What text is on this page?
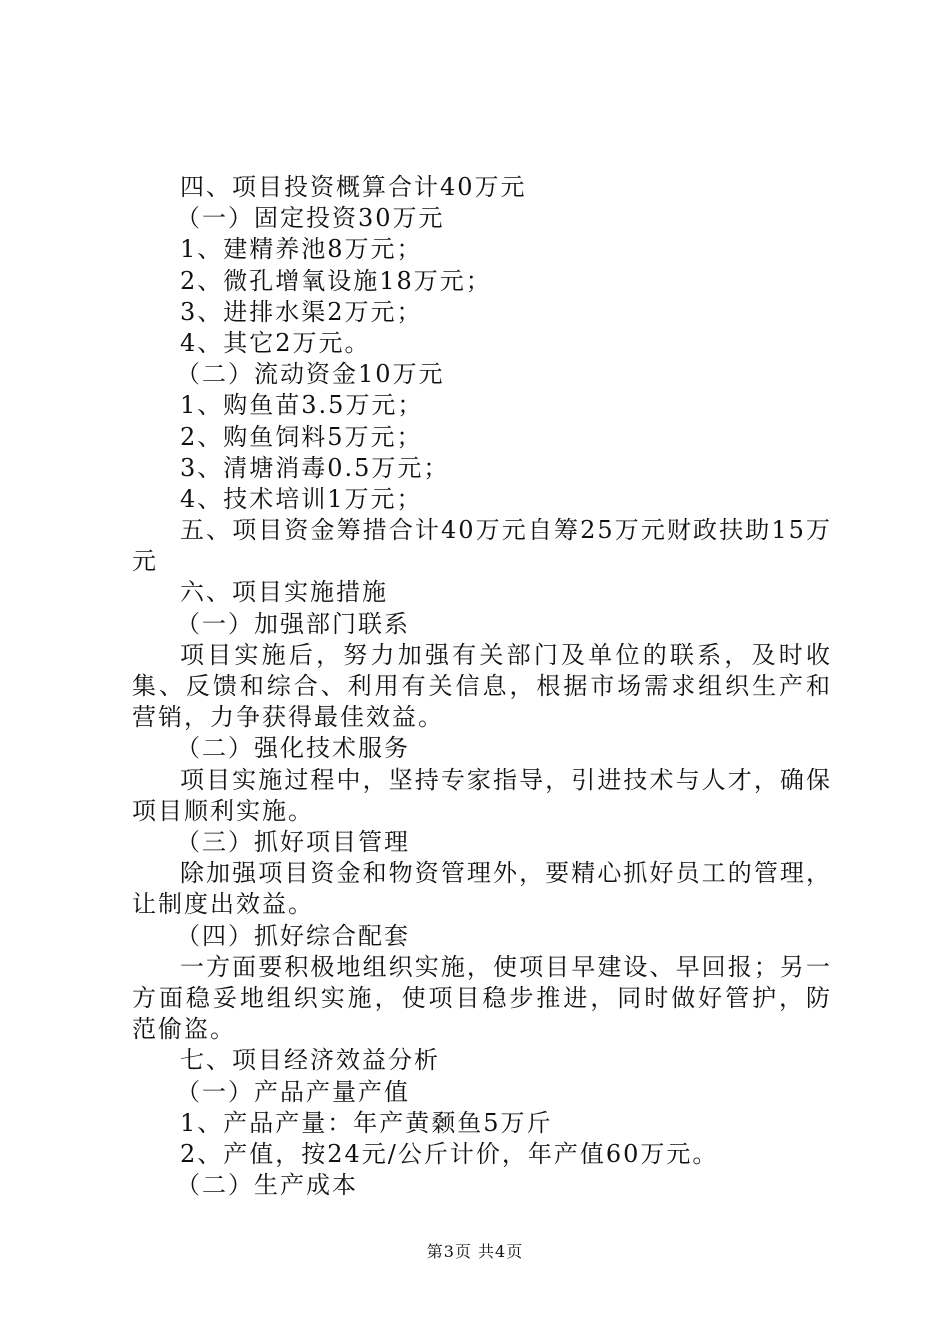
四、项目投资概算合计40万元
（一）固定投资30万元
1、建精养池8万元；
2、微孔增氧设施18万元；
3、进排水渠2万元；
4、其它2万元。
（二）流动资金10万元
1、购鱼苗3.5万元；
2、购鱼饲料5万元；
3、清塘消毒0.5万元；
4、技术培训1万元；
五、项目资金筹措合计40万元自筹25万元财政扶助15万元
六、项目实施措施
（一）加强部门联系
项目实施后，努力加强有关部门及单位的联系，及时收集、反馈和综合、利用有关信息，根据市场需求组织生产和营销，力争获得最佳效益。
（二）强化技术服务
项目实施过程中，坚持专家指导，引进技术与人才，确保项目顺利实施。
（三）抓好项目管理
除加强项目资金和物资管理外，要精心抓好员工的管理，让制度出效益。
（四）抓好综合配套
一方面要积极地组织实施，使项目早建设、早回报；另一方面稳妥地组织实施，使项目稳步推进，同时做好管护，防范偷盗。
七、项目经济效益分析
（一）产品产量产值
1、产品产量：年产黄颡鱼5万斤
2、产值，按24元/公斤计价，年产值60万元。
（二）生产成本
第3页 共4页
